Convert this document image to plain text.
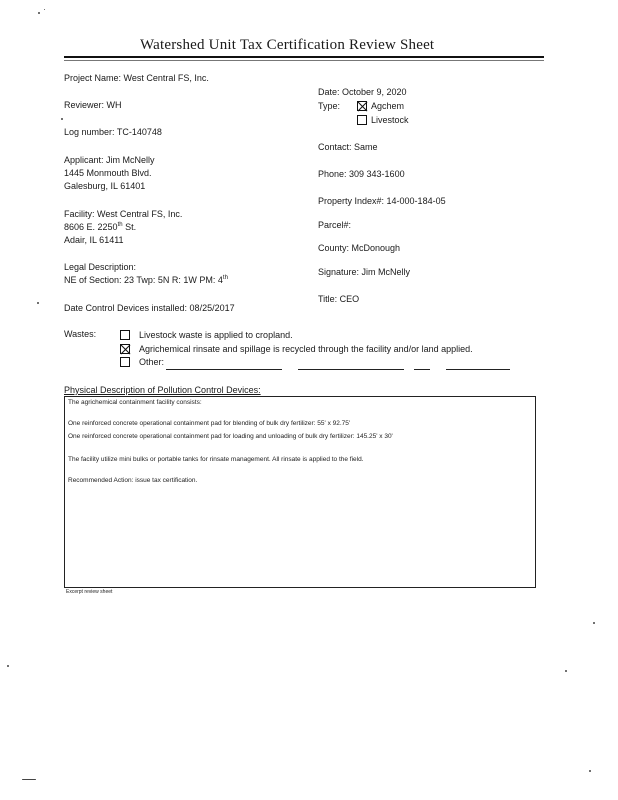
Watershed Unit Tax Certification Review Sheet
Project Name: West Central FS, Inc.
Reviewer: WH
Log number: TC-140748
Applicant: Jim McNelly
1445 Monmouth Blvd.
Galesburg, IL 61401
Facility: West Central FS, Inc.
8606 E. 2250th St.
Adair, IL 61411
Legal Description:
NE of Section: 23 Twp: 5N R: 1W PM: 4th
Date Control Devices installed: 08/25/2017
Date: October 9, 2020
Type:	Agchem
Livestock
Contact: Same
Phone: 309 343-1600
Property Index#: 14-000-184-05
Parcel#:
County: McDonough
Signature: Jim McNelly
Title: CEO
Wastes:	Livestock waste is applied to cropland.
Agrichemical rinsate and spillage is recycled through the facility and/or land applied.
Other:
Physical Description of Pollution Control Devices:
The agrichemical containment facility consists:
One reinforced concrete operational containment pad for blending of bulk dry fertilizer: 55' x 92.75'
One reinforced concrete operational containment pad for loading and unloading of bulk dry fertilizer: 145.25' x 30'
The facility utilize mini bulks or portable tanks for rinsate management. All rinsate is applied to the field.
Recommended Action: issue tax certification.
Excerpt review sheet
